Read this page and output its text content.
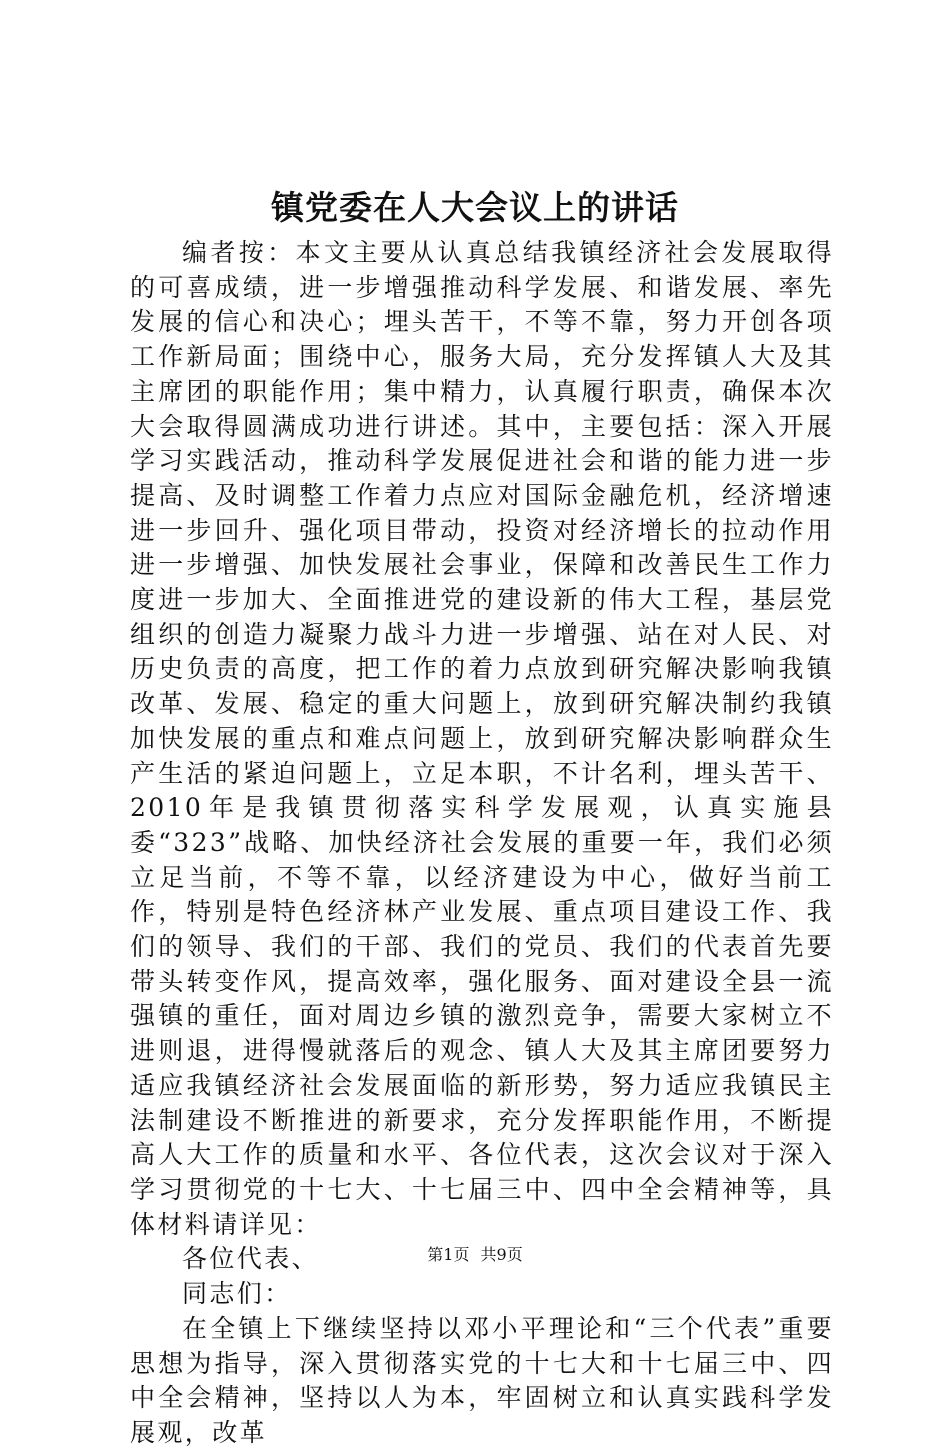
镇党委在人大会议上的讲话

编者按：本文主要从认真总结我镇经济社会发展取得的可喜成绩，进一步增强推动科学发展、和谐发展、率先发展的信心和决心；埋头苦干，不等不靠，努力开创各项工作新局面；围绕中心，服务大局，充分发挥镇人大及其主席团的职能作用；集中精力，认真履行职责，确保本次大会取得圆满成功进行讲述。其中，主要包括：深入开展学习实践活动，推动科学发展促进社会和谐的能力进一步提高、及时调整工作着力点应对国际金融危机，经济增速进一步回升、强化项目带动，投资对经济增长的拉动作用进一步增强、加快发展社会事业，保障和改善民生工作力度进一步加大、全面推进党的建设新的伟大工程，基层党组织的创造力凝聚力战斗力进一步增强、站在对人民、对历史负责的高度，把工作的着力点放到研究解决影响我镇改革、发展、稳定的重大问题上，放到研究解决制约我镇加快发展的重点和难点问题上，放到研究解决影响群众生产生活的紧迫问题上，立足本职，不计名利，埋头苦干、2010年是我镇贯彻落实科学发展观，认真实施县委“323”战略、加快经济社会发展的重要一年，我们必须立足当前，不等不靠，以经济建设为中心，做好当前工作，特别是特色经济林产业发展、重点项目建设工作、我们的领导、我们的干部、我们的党员、我们的代表首先要带头转变作风，提高效率，强化服务、面对建设全县一流强镇的重任，面对周边乡镇的激烈竞争，需要大家树立不进则退，进得慢就落后的观念、镇人大及其主席团要努力适应我镇经济社会发展面临的新形势，努力适应我镇民主法制建设不断推进的新要求，充分发挥职能作用，不断提高人大工作的质量和水平、各位代表，这次会议对于深入学习贯彻党的十七大、十七届三中、四中全会精神等，具体材料请详见：

各位代表、

同志们：

在全镇上下继续坚持以邓小平理论和“三个代表”重要思想为指导，深入贯彻落实党的十七大和十七届三中、四中全会精神，坚持以人为本，牢固树立和认真实践科学发展观，改革

第1页 共9页
